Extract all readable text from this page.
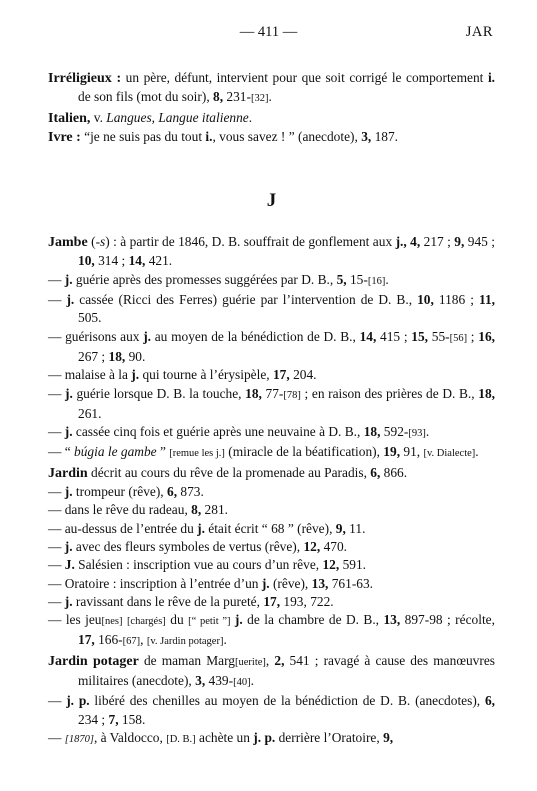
— 411 —	JAR
Irréligieux : un père, défunt, intervient pour que soit corrigé le comportement i. de son fils (mot du soir), 8, 231-[32].
Italien, v. Langues, Langue italienne.
Ivre : “je ne suis pas du tout i., vous savez ! ” (anecdote), 3, 187.
J
Jambe (-s) : à partir de 1846, D. B. souffrait de gonflement aux j., 4, 217 ; 9, 945 ; 10, 314 ; 14, 421.
— j. guérie après des promesses suggérées par D. B., 5, 15-[16].
— j. cassée (Ricci des Ferres) guérie par l’intervention de D. B., 10, 1186 ; 11, 505.
— guérisons aux j. au moyen de la bénédiction de D. B., 14, 415 ; 15, 55-[56] ; 16, 267 ; 18, 90.
— malaise à la j. qui tourne à l’érysipèle, 17, 204.
— j. guérie lorsque D. B. la touche, 18, 77-[78] ; en raison des prières de D. B., 18, 261.
— j. cassée cinq fois et guérie après une neuvaine à D. B., 18, 592-[93].
— “ búgia le gambe ” [remue les j.] (miracle de la béatification), 19, 91, [v. Dialecte].
Jardin décrit au cours du rêve de la promenade au Paradis, 6, 866.
— j. trompeur (rêve), 6, 873.
— dans le rêve du radeau, 8, 281.
— au-dessus de l’entrée du j. était écrit “ 68 ” (rêve), 9, 11.
— j. avec des fleurs symboles de vertus (rêve), 12, 470.
— J. Salésien : inscription vue au cours d’un rêve, 12, 591.
— Oratoire : inscription à l’entrée d’un j. (rêve), 13, 761-63.
— j. ravissant dans le rêve de la pureté, 17, 193, 722.
— les jeu[nes] [chargés] du [“ petit ”] j. de la chambre de D. B., 13, 897-98 ; récolte, 17, 166-[67], [v. Jardin potager].
Jardin potager de maman Marg[uerite], 2, 541 ; ravagé à cause des manœuvres militaires (anecdote), 3, 439-[40].
— j. p. libéré des chenilles au moyen de la bénédiction de D. B. (anecdotes), 6, 234 ; 7, 158.
— [1870], à Valdocco, [D. B.] achète un j. p. derrière l’Oratoire, 9,
